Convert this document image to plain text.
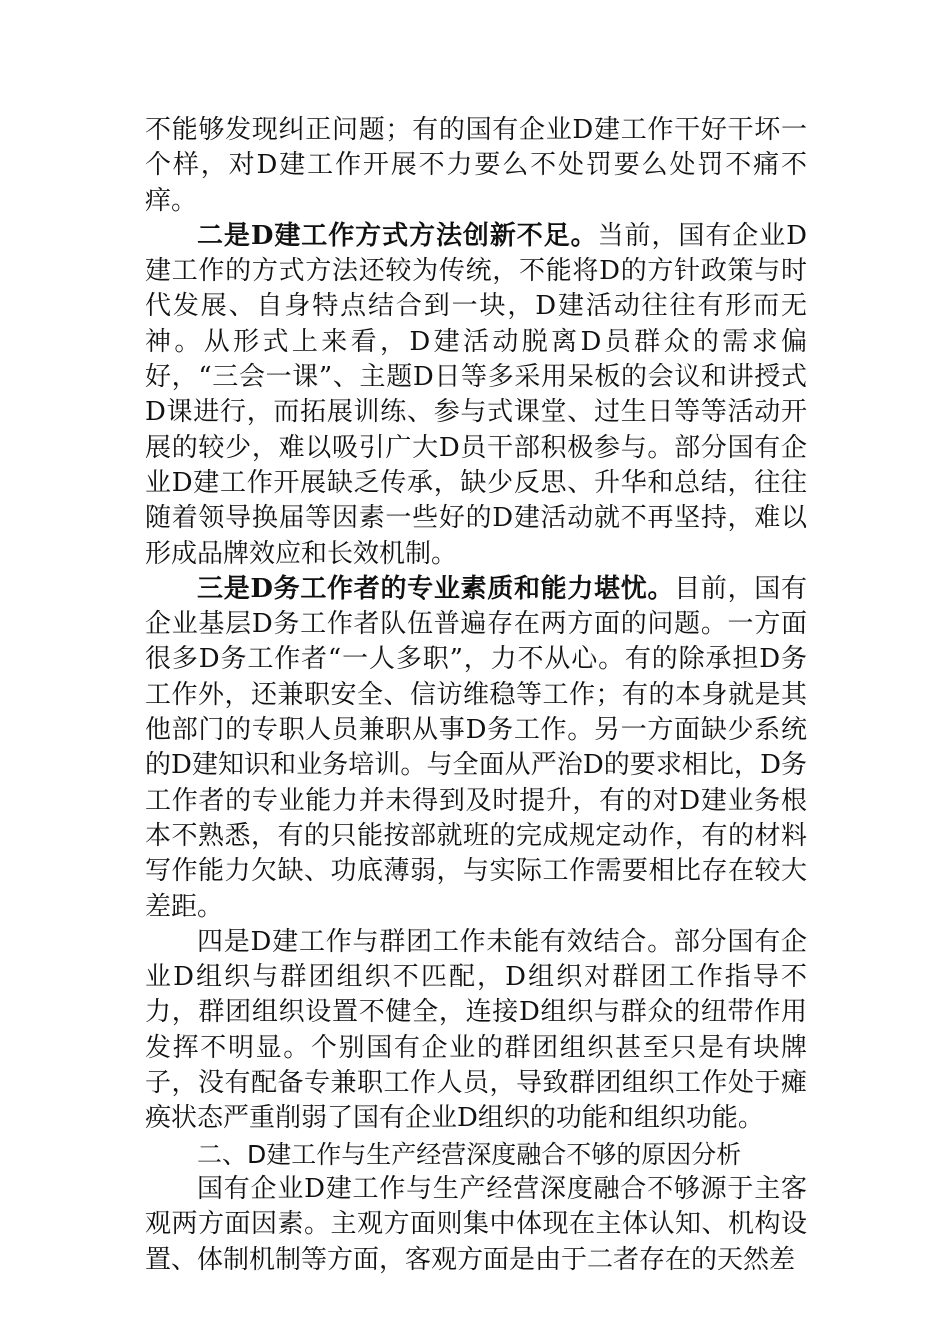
不能够发现纠正问题；有的国有企业D建工作干好干坏一个样，对D建工作开展不力要么不处罚要么处罚不痛不痒。

二是D建工作方式方法创新不足。当前，国有企业D建工作的方式方法还较为传统，不能将D的方针政策与时代发展、自身特点结合到一块，D建活动往往有形而无神。从形式上来看，D建活动脱离D员群众的需求偏好，“三会一课”、主题D日等多采用呆板的会议和讲授式D课进行，而拓展训练、参与式课堂、过生日等等活动开展的较少，难以吸引广大D员干部积极参与。部分国有企业D建工作开展缺乏传承，缺少反思、升华和总结，往往随着领导换届等因素一些好的D建活动就不再坚持，难以形成品牌效应和长效机制。

三是D务工作者的专业素质和能力堪忧。目前，国有企业基层D务工作者队伍普遍存在两方面的问题。一方面很多D务工作者“一人多职”，力不从心。有的除承担D务工作外，还兼职安全、信访维稳等工作；有的本身就是其他部门的专职人员兼职从事D务工作。另一方面缺少系统的D建知识和业务培训。与全面从严治D的要求相比，D务工作者的专业能力并未得到及时提升，有的对D建业务根本不熟悉，有的只能按部就班的完成规定动作，有的材料写作能力欠缺、功底薄弱，与实际工作需要相比存在较大差距。

四是D建工作与群团工作未能有效结合。部分国有企业D组织与群团组织不匹配，D组织对群团工作指导不力，群团组织设置不健全，连接D组织与群众的纽带作用发挥不明显。个别国有企业的群团组织甚至只是有块牌子，没有配备专兼职工作人员，导致群团组织工作处于瘫痪状态严重削弱了国有企业D组织的功能和组织功能。

二、D建工作与生产经营深度融合不够的原因分析

国有企业D建工作与生产经营深度融合不够源于主客观两方面因素。主观方面则集中体现在主体认知、机构设置、体制机制等方面，客观方面是由于二者存在的天然差
